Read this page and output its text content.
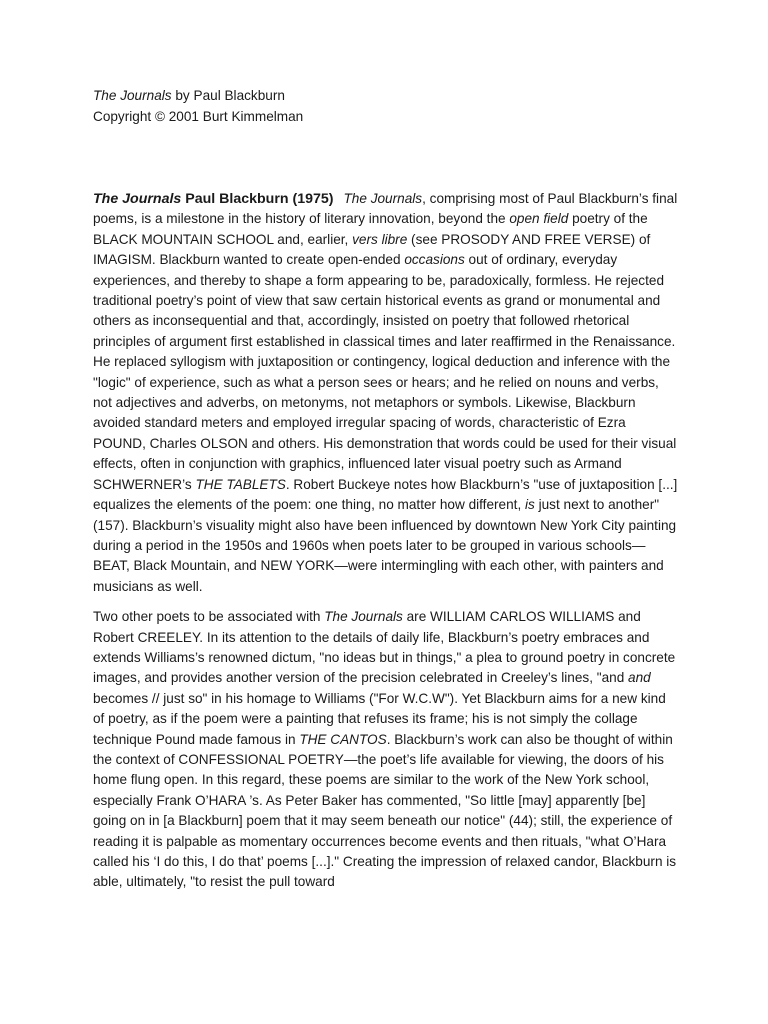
The Journals by Paul Blackburn

Copyright © 2001 Burt Kimmelman

The Journals Paul Blackburn (1975) The Journals, comprising most of Paul Blackburn’s final poems, is a milestone in the history of literary innovation, beyond the open field poetry of the BLACK MOUNTAIN SCHOOL and, earlier, vers libre (see PROSODY AND FREE VERSE) of IMAGISM. Blackburn wanted to create open-ended occasions out of ordinary, everyday experiences, and thereby to shape a form appearing to be, paradoxically, formless. He rejected traditional poetry’s point of view that saw certain historical events as grand or monumental and others as inconsequential and that, accordingly, insisted on poetry that followed rhetorical principles of argument first established in classical times and later reaffirmed in the Renaissance. He replaced syllogism with juxtaposition or contingency, logical deduction and inference with the "logic" of experience, such as what a person sees or hears; and he relied on nouns and verbs, not adjectives and adverbs, on metonyms, not metaphors or symbols. Likewise, Blackburn avoided standard meters and employed irregular spacing of words, characteristic of Ezra POUND, Charles OLSON and others. His demonstration that words could be used for their visual effects, often in conjunction with graphics, influenced later visual poetry such as Armand SCHWERNER’s THE TABLETS. Robert Buckeye notes how Blackburn’s "use of juxtaposition [...] equalizes the elements of the poem: one thing, no matter how different, is just next to another" (157). Blackburn’s visuality might also have been influenced by downtown New York City painting during a period in the 1950s and 1960s when poets later to be grouped in various schools—BEAT, Black Mountain, and NEW YORK—were intermingling with each other, with painters and musicians as well.

Two other poets to be associated with The Journals are WILLIAM CARLOS WILLIAMS and Robert CREELEY. In its attention to the details of daily life, Blackburn’s poetry embraces and extends Williams’s renowned dictum, "no ideas but in things," a plea to ground poetry in concrete images, and provides another version of the precision celebrated in Creeley’s lines, "and and becomes // just so" in his homage to Williams ("For W.C.W"). Yet Blackburn aims for a new kind of poetry, as if the poem were a painting that refuses its frame; his is not simply the collage technique Pound made famous in THE CANTOS. Blackburn’s work can also be thought of within the context of CONFESSIONAL POETRY—the poet’s life available for viewing, the doors of his home flung open. In this regard, these poems are similar to the work of the New York school, especially Frank O’HARA ’s. As Peter Baker has commented, "So little [may] apparently [be] going on in [a Blackburn] poem that it may seem beneath our notice" (44); still, the experience of reading it is palpable as momentary occurrences become events and then rituals, "what O’Hara called his ‘I do this, I do that’ poems [...]." Creating the impression of relaxed candor, Blackburn is able, ultimately, "to resist the pull toward
